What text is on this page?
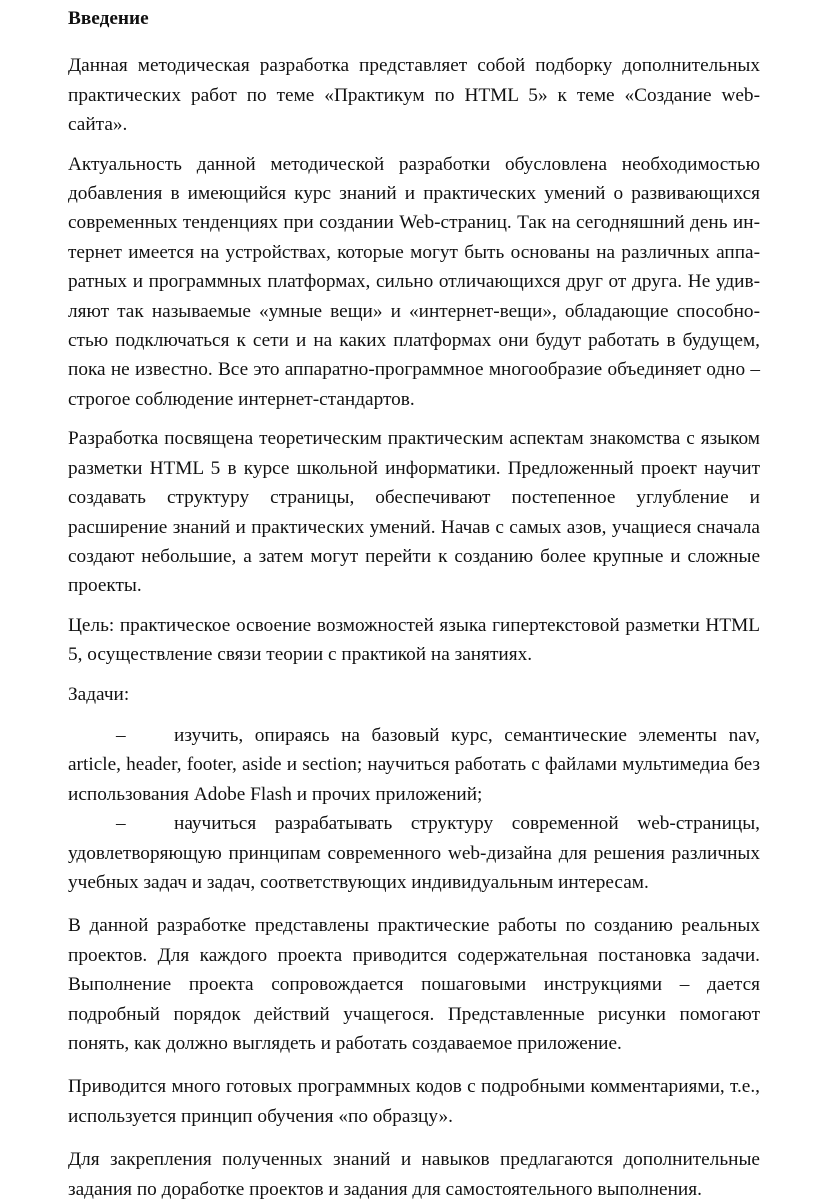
Введение

Данная методическая разработка представляет собой подборку дополнительных практических работ по теме «Практикум по HTML 5» к теме «Создание web-сайта».

Актуальность данной методической разработки обусловлена необходимостью добавления в имеющийся курс знаний и практических умений о развивающихся современных тенденциях при создании Web-страниц. Так на сегодняшний день интернет имеется на устройствах, которые могут быть основаны на различных аппаратных и программных платформах, сильно отличающихся друг от друга. Не удивляют так называемые «умные вещи» и «интернет-вещи», обладающие способностью подключаться к сети и на каких платформах они будут работать в будущем, пока не известно. Все это аппаратно-программное многообразие объединяет одно – строгое соблюдение интернет-стандартов.

Разработка посвящена теоретическим практическим аспектам знакомства с языком разметки HTML 5 в курсе школьной информатики. Предложенный проект научит создавать структуру страницы, обеспечивают постепенное углубление и расширение знаний и практических умений. Начав с самых азов, учащиеся сначала создают небольшие, а затем могут перейти к созданию более крупные и сложные проекты.

Цель: практическое освоение возможностей языка гипертекстовой разметки HTML 5, осуществление связи теории с практикой на занятиях.

Задачи:

–	изучить, опираясь на базовый курс, семантические элементы nav, article, header, footer, aside и section; научиться работать с файлами мультимедиа без использования Adobe Flash и прочих приложений;

–	научиться разрабатывать структуру современной web-страницы, удовлетворяющую принципам современного web-дизайна для решения различных учебных задач и задач, соответствующих индивидуальным интересам.

В данной разработке представлены практические работы по созданию реальных проектов. Для каждого проекта приводится содержательная постановка задачи. Выполнение проекта сопровождается пошаговыми инструкциями – дается подробный порядок действий учащегося. Представленные рисунки помогают понять, как должно выглядеть и работать создаваемое приложение.

Приводится много готовых программных кодов с подробными комментариями, т.е., используется принцип обучения «по образцу».

Для закрепления полученных знаний и навыков предлагаются дополнительные задания по доработке проектов и задания для самостоятельного выполнения.
